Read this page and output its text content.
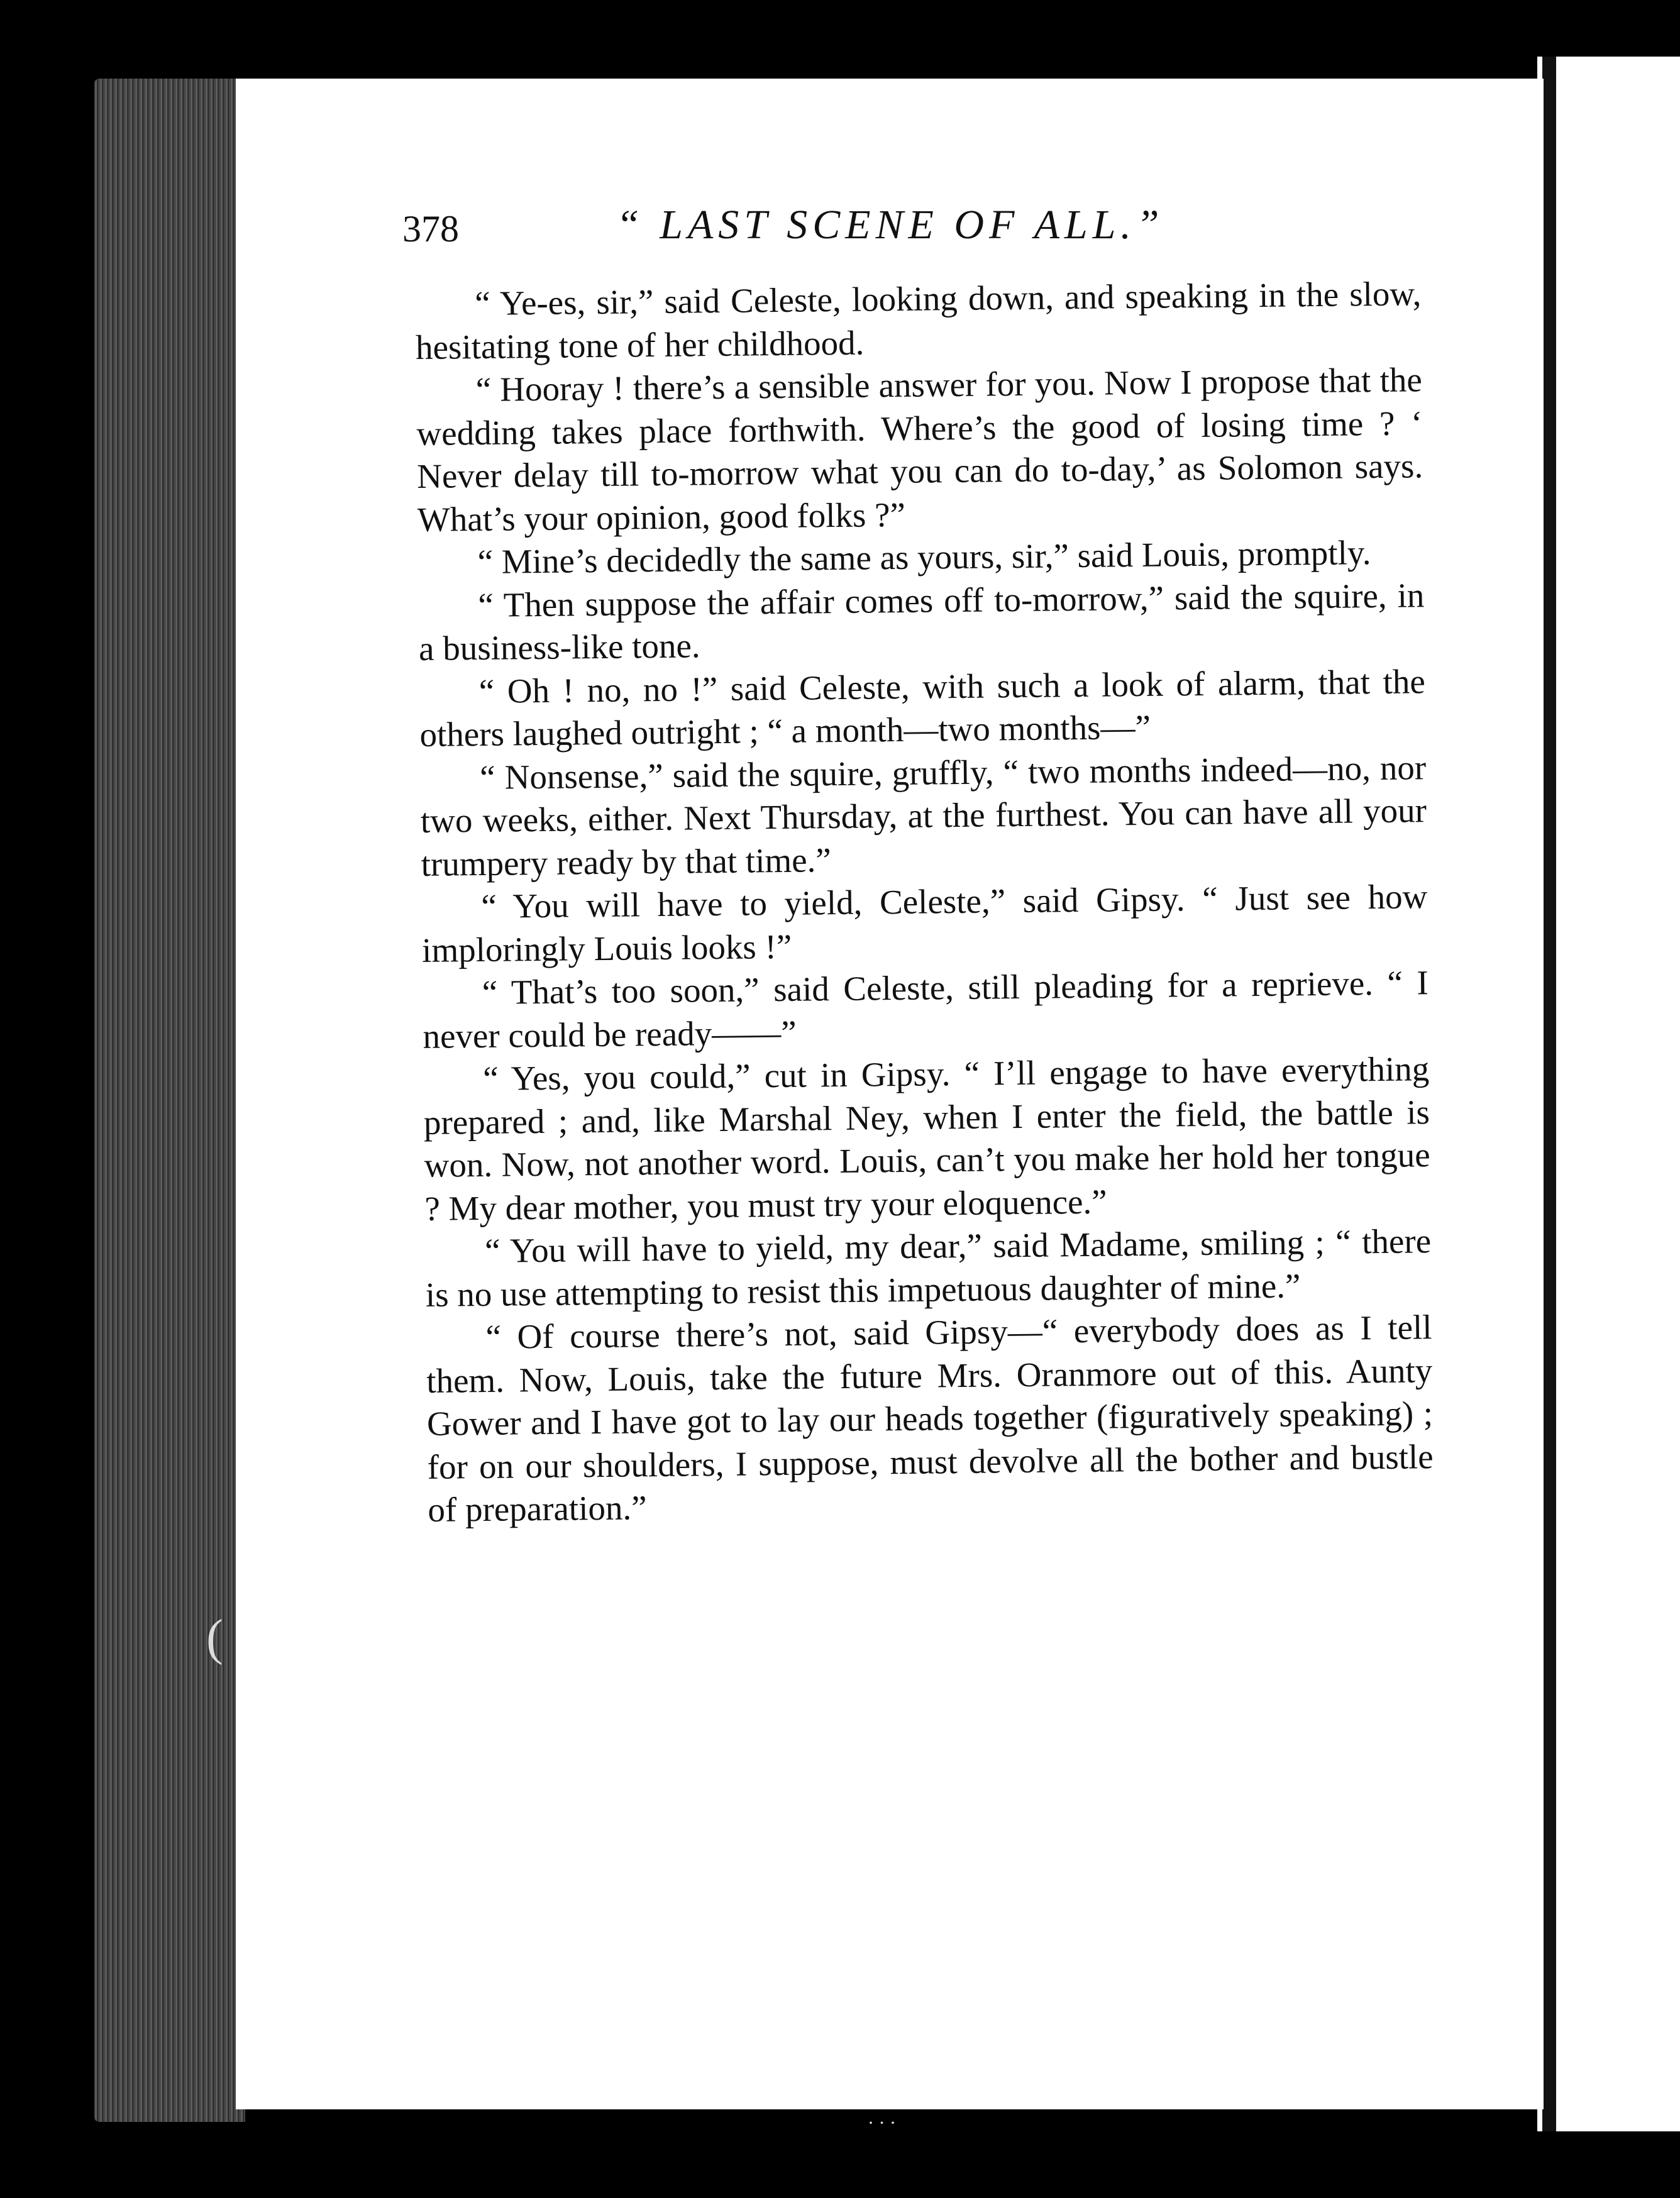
378	“ LAST SCENE OF ALL.”

“ Ye-es, sir,” said Celeste, looking down, and speaking in the slow, hesitating tone of her childhood.

“ Hooray ! there’s a sensible answer for you. Now I propose that the wedding takes place forthwith. Where’s the good of losing time ? ‘ Never delay till to-morrow what you can do to-day,’ as Solomon says. What’s your opinion, good folks ?”

“ Mine’s decidedly the same as yours, sir,” said Louis, promptly.

“ Then suppose the affair comes off to-morrow,” said the squire, in a business-like tone.

“ Oh ! no, no !” said Celeste, with such a look of alarm, that the others laughed outright ; “ a month—two months—”

“ Nonsense,” said the squire, gruffly, “ two months indeed—no, nor two weeks, either. Next Thursday, at the furthest. You can have all your trumpery ready by that time.”

“ You will have to yield, Celeste,” said Gipsy. “ Just see how imploringly Louis looks !”

“ That’s too soon,” said Celeste, still pleading for a reprieve. “ I never could be ready——”

“ Yes, you could,” cut in Gipsy. “ I’ll engage to have everything prepared ; and, like Marshal Ney, when I enter the field, the battle is won. Now, not another word. Louis, can’t you make her hold her tongue ? My dear mother, you must try your eloquence.”

“ You will have to yield, my dear,” said Madame, smiling ; “ there is no use attempting to resist this impetuous daughter of mine.”

“ Of course there’s not, said Gipsy—“ everybody does as I tell them. Now, Louis, take the future Mrs. Oranmore out of this. Aunty Gower and I have got to lay our heads together (figuratively speaking) ; for on our shoulders, I suppose, must devolve all the bother and bustle of preparation.”

(
· · ·
